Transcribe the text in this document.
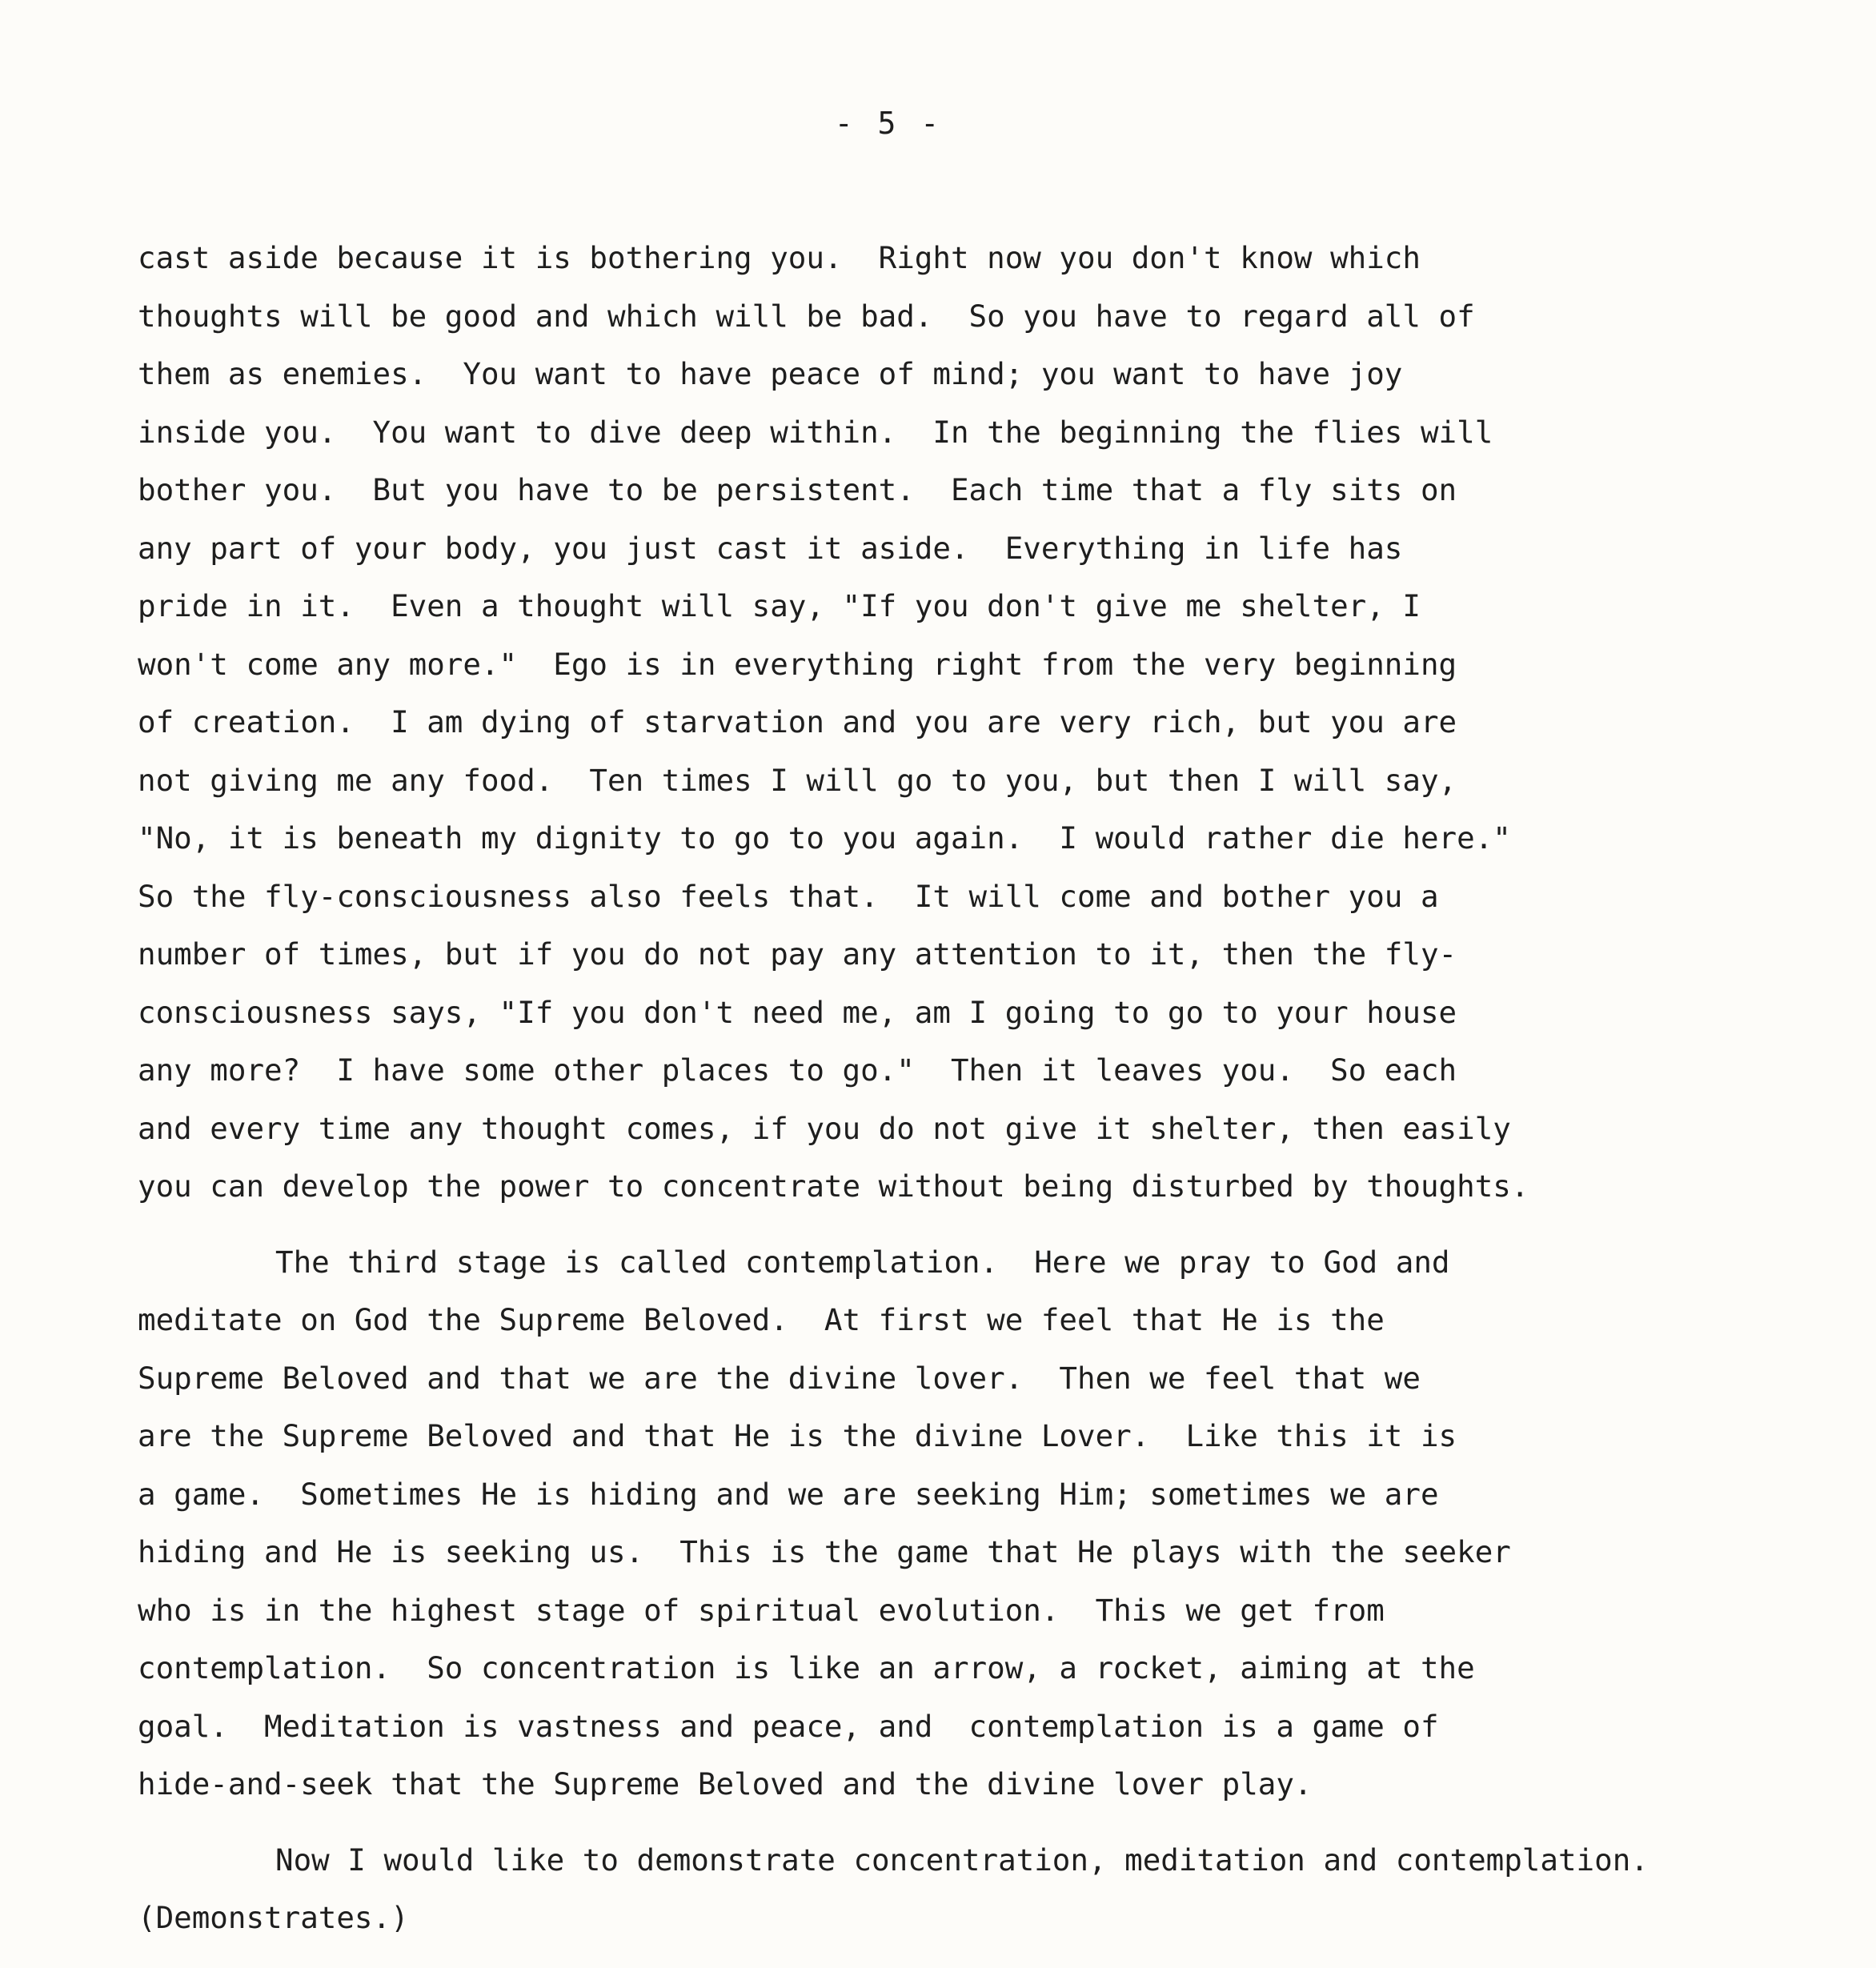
- 5 -
cast aside because it is bothering you.  Right now you don't know which
thoughts will be good and which will be bad.  So you have to regard all of
them as enemies.  You want to have peace of mind; you want to have joy
inside you.  You want to dive deep within.  In the beginning the flies will
bother you.  But you have to be persistent.  Each time that a fly sits on
any part of your body, you just cast it aside.  Everything in life has
pride in it.  Even a thought will say, "If you don't give me shelter, I
won't come any more."  Ego is in everything right from the very beginning
of creation.  I am dying of starvation and you are very rich, but you are
not giving me any food.  Ten times I will go to you, but then I will say,
"No, it is beneath my dignity to go to you again.  I would rather die here."
So the fly-consciousness also feels that.  It will come and bother you a
number of times, but if you do not pay any attention to it, then the fly-
consciousness says, "If you don't need me, am I going to go to your house
any more?  I have some other places to go."  Then it leaves you.  So each
and every time any thought comes, if you do not give it shelter, then easily
you can develop the power to concentrate without being disturbed by thoughts.
The third stage is called contemplation.  Here we pray to God and
meditate on God the Supreme Beloved.  At first we feel that He is the
Supreme Beloved and that we are the divine lover.  Then we feel that we
are the Supreme Beloved and that He is the divine Lover.  Like this it is
a game.  Sometimes He is hiding and we are seeking Him; sometimes we are
hiding and He is seeking us.  This is the game that He plays with the seeker
who is in the highest stage of spiritual evolution.  This we get from
contemplation.  So concentration is like an arrow, a rocket, aiming at the
goal.  Meditation is vastness and peace, and  contemplation is a game of
hide-and-seek that the Supreme Beloved and the divine lover play.
Now I would like to demonstrate concentration, meditation and contemplation.
(Demonstrates.)
